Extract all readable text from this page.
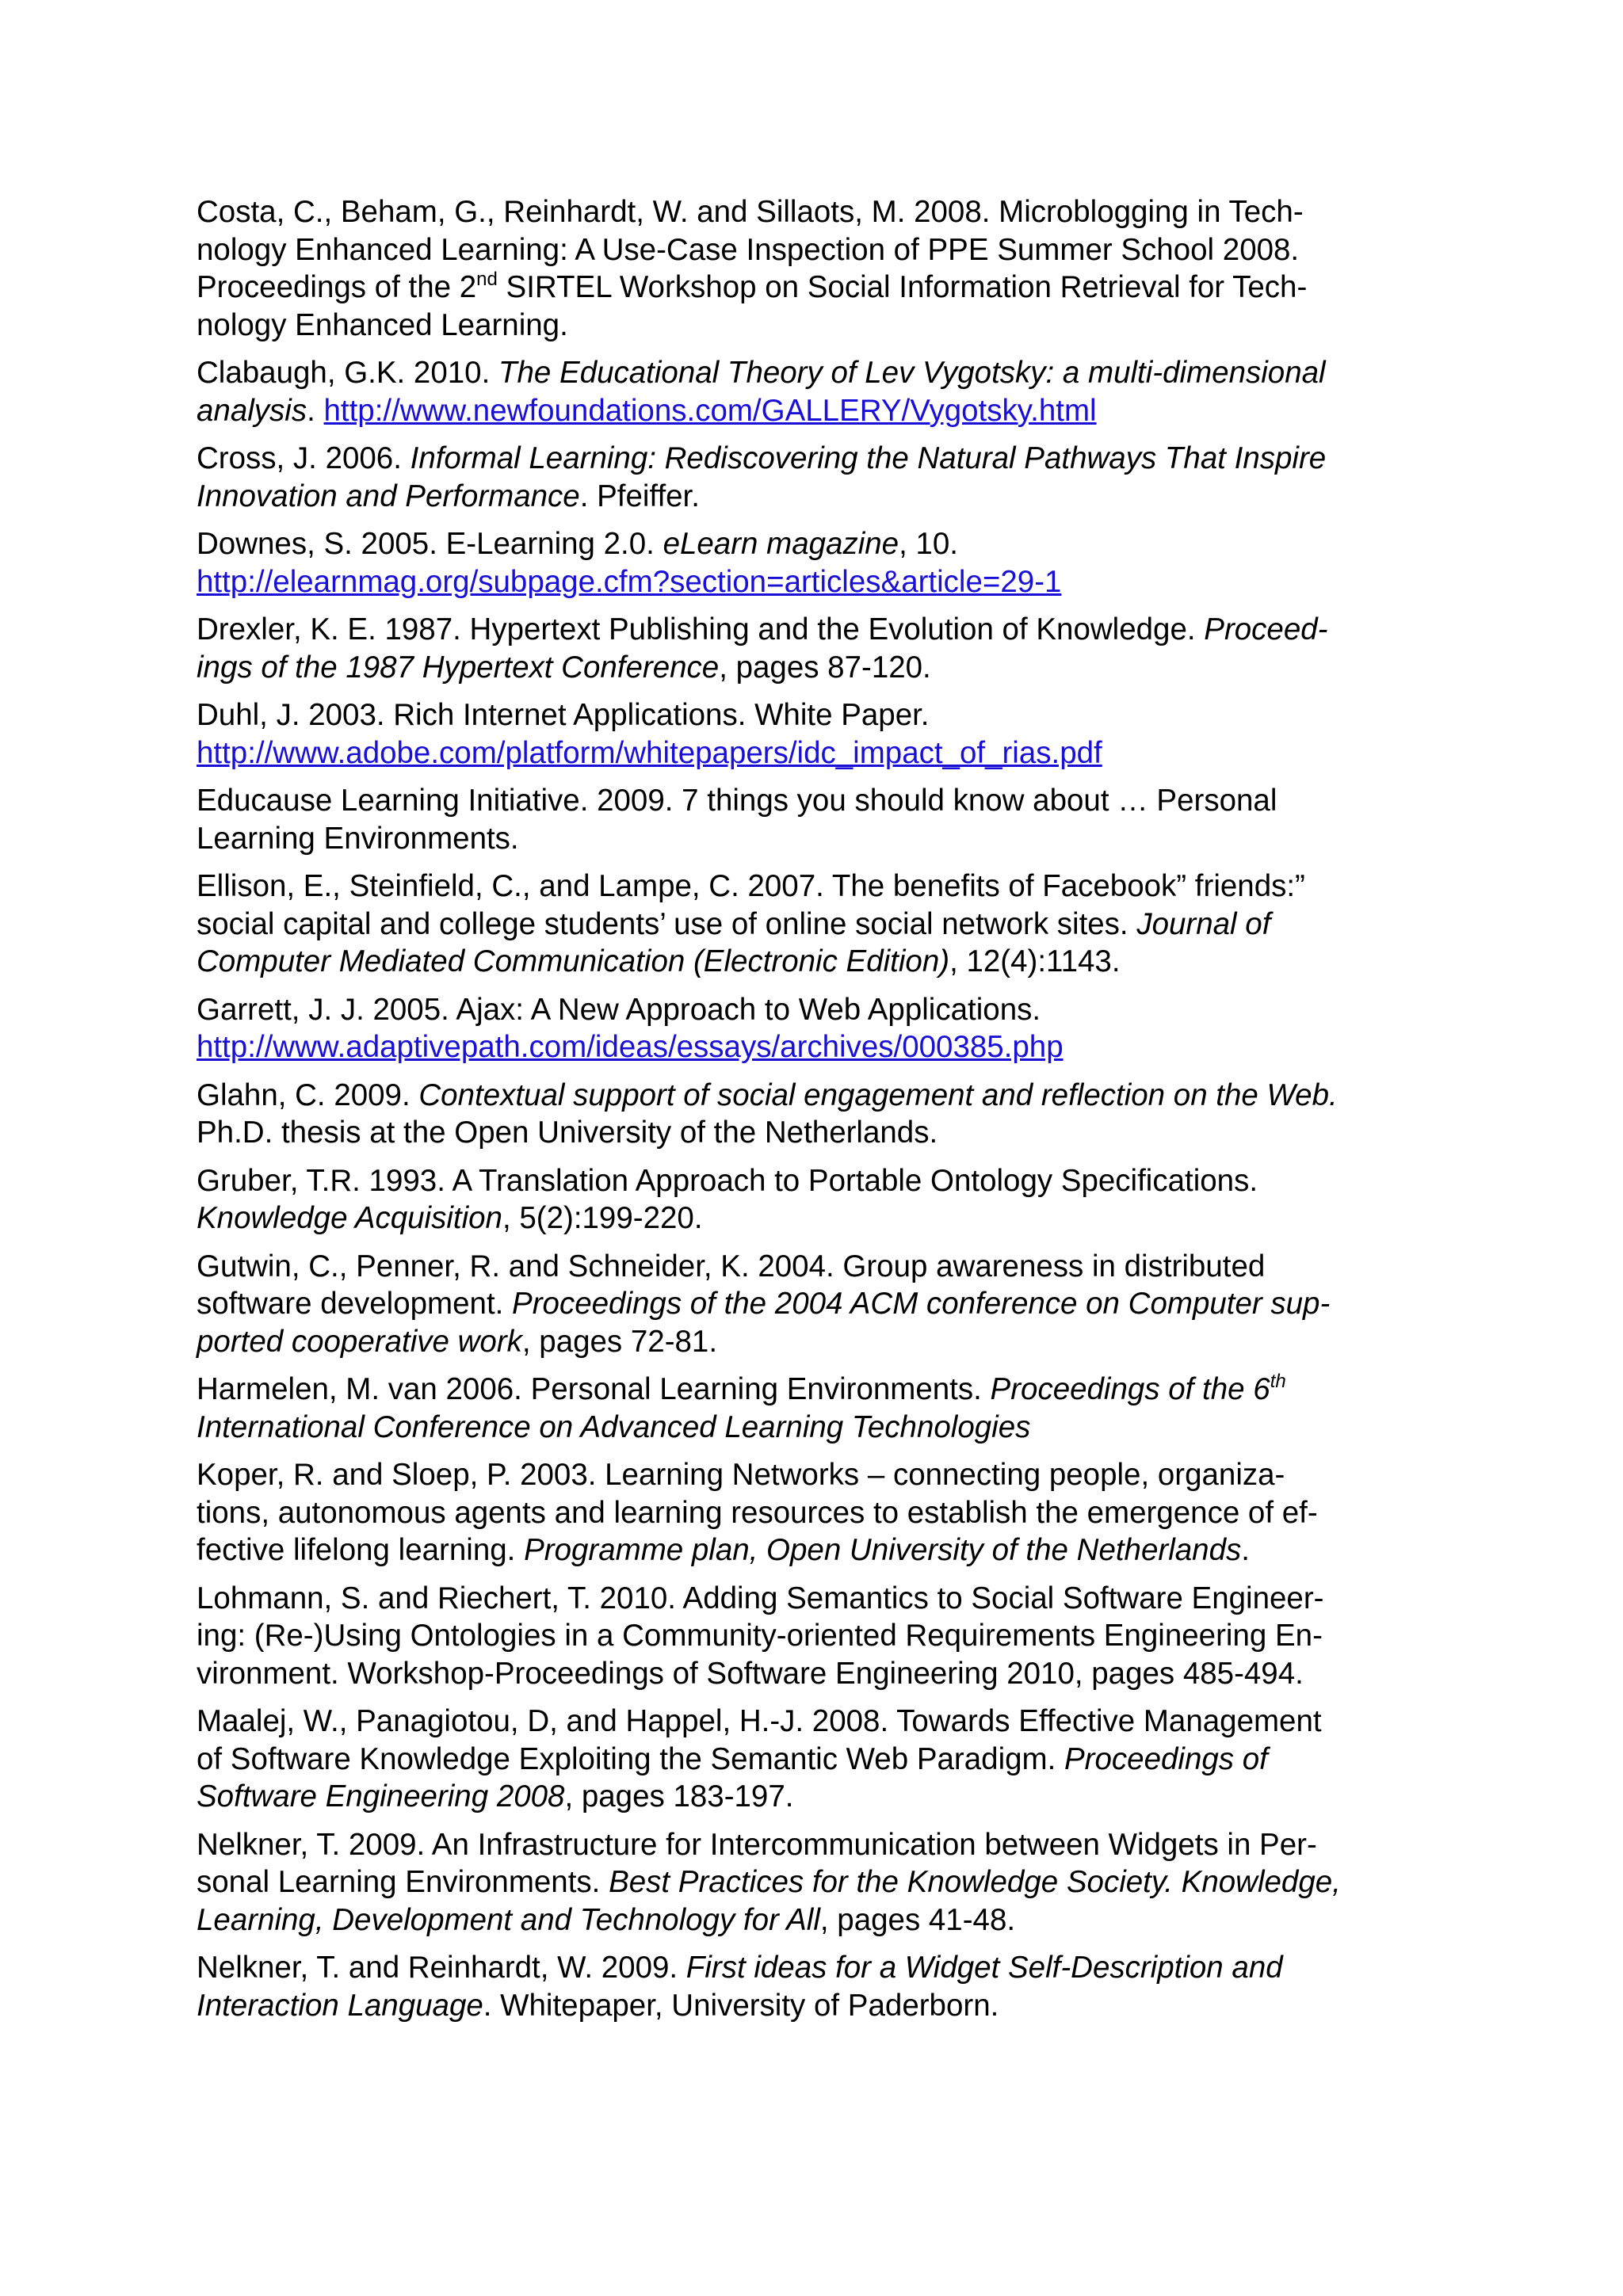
Costa, C., Beham, G., Reinhardt, W. and Sillaots, M. 2008. Microblogging in Tech-
nology Enhanced Learning: A Use-Case Inspection of PPE Summer School 2008.
Proceedings of the 2nd SIRTEL Workshop on Social Information Retrieval for Tech-
nology Enhanced Learning.
Clabaugh, G.K. 2010. The Educational Theory of Lev Vygotsky: a multi-dimensional
analysis. http://www.newfoundations.com/GALLERY/Vygotsky.html
Cross, J. 2006. Informal Learning: Rediscovering the Natural Pathways That Inspire
Innovation and Performance. Pfeiffer.
Downes, S. 2005. E-Learning 2.0. eLearn magazine, 10.
http://elearnmag.org/subpage.cfm?section=articles&article=29-1
Drexler, K. E. 1987. Hypertext Publishing and the Evolution of Knowledge. Proceed-
ings of the 1987 Hypertext Conference, pages 87-120.
Duhl, J. 2003. Rich Internet Applications. White Paper.
http://www.adobe.com/platform/whitepapers/idc_impact_of_rias.pdf
Educause Learning Initiative. 2009. 7 things you should know about … Personal
Learning Environments.
Ellison, E., Steinfield, C., and Lampe, C. 2007. The benefits of Facebook” friends:”
social capital and college students’ use of online social network sites. Journal of
Computer Mediated Communication (Electronic Edition), 12(4):1143.
Garrett, J. J. 2005. Ajax: A New Approach to Web Applications.
http://www.adaptivepath.com/ideas/essays/archives/000385.php
Glahn, C. 2009. Contextual support of social engagement and reflection on the Web.
Ph.D. thesis at the Open University of the Netherlands.
Gruber, T.R. 1993. A Translation Approach to Portable Ontology Specifications.
Knowledge Acquisition, 5(2):199-220.
Gutwin, C., Penner, R. and Schneider, K. 2004. Group awareness in distributed
software development. Proceedings of the 2004 ACM conference on Computer sup-
ported cooperative work, pages 72-81.
Harmelen, M. van 2006. Personal Learning Environments. Proceedings of the 6th
International Conference on Advanced Learning Technologies
Koper, R. and Sloep, P. 2003. Learning Networks – connecting people, organiza-
tions, autonomous agents and learning resources to establish the emergence of ef-
fective lifelong learning. Programme plan, Open University of the Netherlands.
Lohmann, S. and Riechert, T. 2010. Adding Semantics to Social Software Engineer-
ing: (Re-)Using Ontologies in a Community-oriented Requirements Engineering En-
vironment. Workshop-Proceedings of Software Engineering 2010, pages 485-494.
Maalej, W., Panagiotou, D, and Happel, H.-J. 2008. Towards Effective Management
of Software Knowledge Exploiting the Semantic Web Paradigm. Proceedings of
Software Engineering 2008, pages 183-197.
Nelkner, T. 2009. An Infrastructure for Intercommunication between Widgets in Per-
sonal Learning Environments. Best Practices for the Knowledge Society. Knowledge,
Learning, Development and Technology for All, pages 41-48.
Nelkner, T. and Reinhardt, W. 2009. First ideas for a Widget Self-Description and
Interaction Language. Whitepaper, University of Paderborn.
